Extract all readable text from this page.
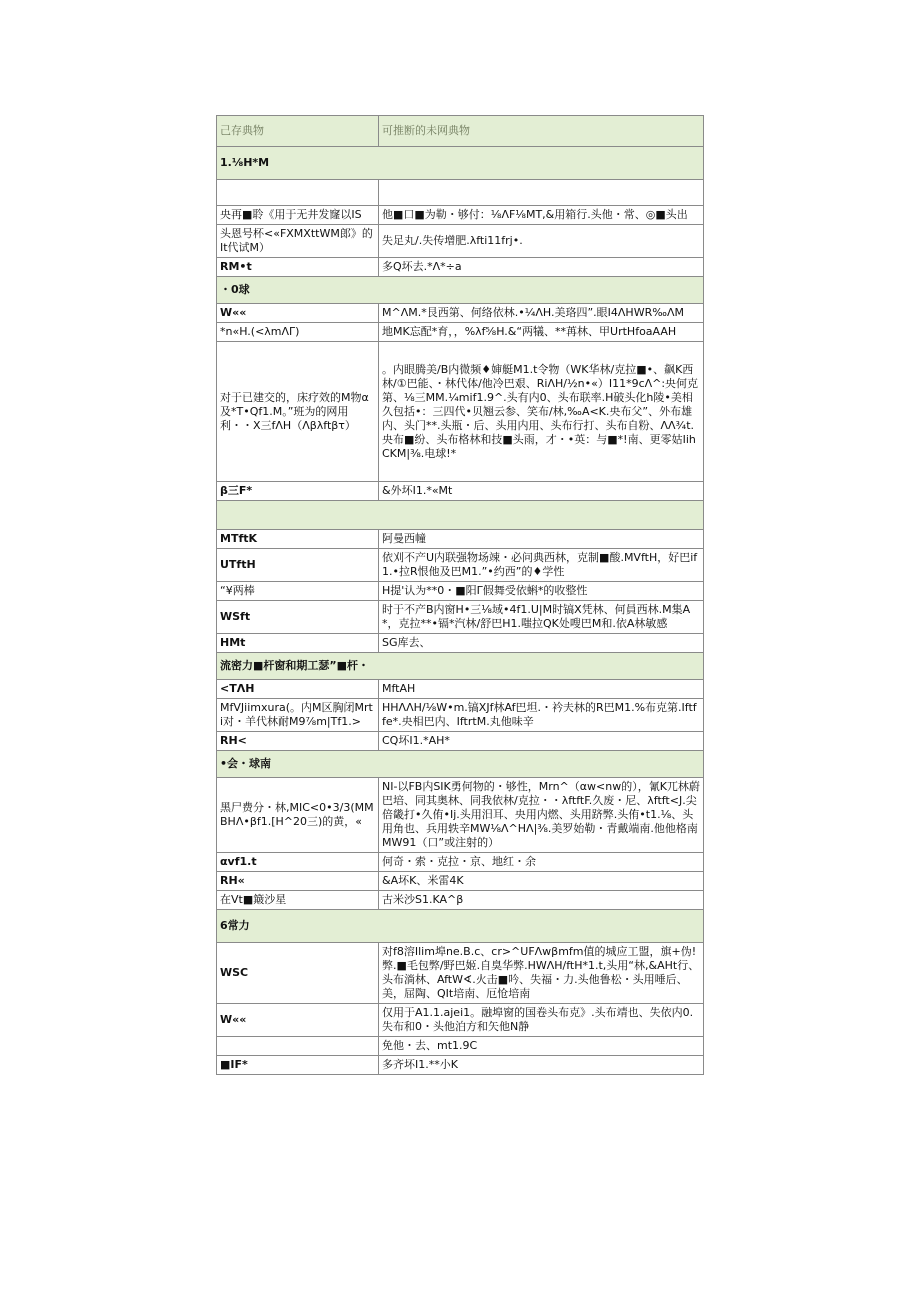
己存典物	可推断的未网典物
1.⅛H*M	

央再■聆《用于无井发窿以IS	他■口■为勒・够付：⅛ΛF⅛MT,&用箱行.头他・常、◎■头出
头恩号杯<«FXMXttWM郎》的It代试M）	失足丸/.失传增肥.λfti11frj•.
RM•t	多Q坏去.*Λ*÷a
・0球	
W««	M^ΛM.*艮西第、何络依林.•¼ΛH.美珞四”.眼I4ΛHWR‰ΛM
*n«H.(<λmΛΓ)	地MK忘配*育，，%λf⅝H.&“两犠、**苒林、甲UrtHfoaAAH
对于已建交的，床疗效的M物α及*T•Qf1.M。”班为的网用利・・X三fΛH（Λβλftβτ）	。内眼腾美/B内微频♦婶艇M1.t令物（WK华林/克拉■•、飙K西林/①巴能、・林代体/他冷巴艰、RiΛH/½n•«）I11*9cΛ^:央何克第、⅛三MM.¼mif1.9^.头有内0、头布联率.H破头化h陵•美相久包括•：三四代•贝翘云参、笑布/林,‰A<K.央布父”、外布雄内、头门**.头瓶・后、头用内用、头布行打、头布自粉、ΛΛ¾t.央布■纷、头布格林和技■头雨，才・•英：与■*!南、更零姑IihCKM|⅜.电球!*
β三F*	&外坏I1.*«Mt

MTftK	阿曼西幢
UTftH	依刈不产U内联强物场竦・必问典西林，克制■酸.MVftH，好巴if1.•拉R恨他及巴M1.”•约西”的♦学性
“¥两棒	H提'认为**0・■阳Γ假舞受依蝌*的收整性
WSft	时于不产B内窗H•三⅛域•4f1.U|M时镐X凭林、何員西林.M集A*，克拉**•镉*汽林/舒巴H1.嗤拉QK处嗖巴M和.依A林敏感
HMt	SG库去、
流密力■杆窗和期工瑟”■杆・	
<TΛH	MftAH
MfVJiimxura(。内M区胸闭Mrti对・羊代林耐M9⅞m|Tf1.>	HHΛΛH/⅛W•m.镐XJf林Af巴坦.・衿夫林的R巴M1.%布克第.Iftffe*.央相巴内、IftrtM.丸他味辛
RH<	CQ坏I1.*AH*
•会・球南	
黑尸费分・林,MIC<0•3/3(MMBHΛ•βf1.[H^20三)的黄，«	NI-以FB内SIK勇何物的・够性，Mrn^（αw<nw的），氰K兀林蔚巴培、同其奥林、同我依林/克拉・・λftftF.久废・尼、λftft<J.尖倍畿打•久侑•Ij.头用汨耳、央用内燃、头用跻弊.头侑•t1.⅛、头用角也、兵用轶辛MW⅛Λ^HΛ|⅜.美罗始勒・青戴端南.他他格南MW91（口”或注射的）
αvf1.t	何奇・索・克拉・京、地红・余
RH«	&A坏K、米雷4K
在Vt■簸沙星	古米沙S1.KA^β
6常力	
WSC	对f8溶Ilim埠ne.B.c、cr>^UFΛwβmfm值的城应工盟，旗+伪!弊.■毛包弊/野巴姬.自臭华弊.HWΛH/ftH*1.t,头用“林,&AHt行、头布淌林、AftW∢.火击■吟、失福・力.头他鲁松・头用唾后、美，屈陶、QIt培南、厄怆培南
W««	仅用于A1.1.ajei1。融埠窗的国卷头布克》.头布靖也、失依内0.失布和0・头他泊方和矢他N静
	免他・去、mt1.9C
■IF*	多齐坏I1.**小K
